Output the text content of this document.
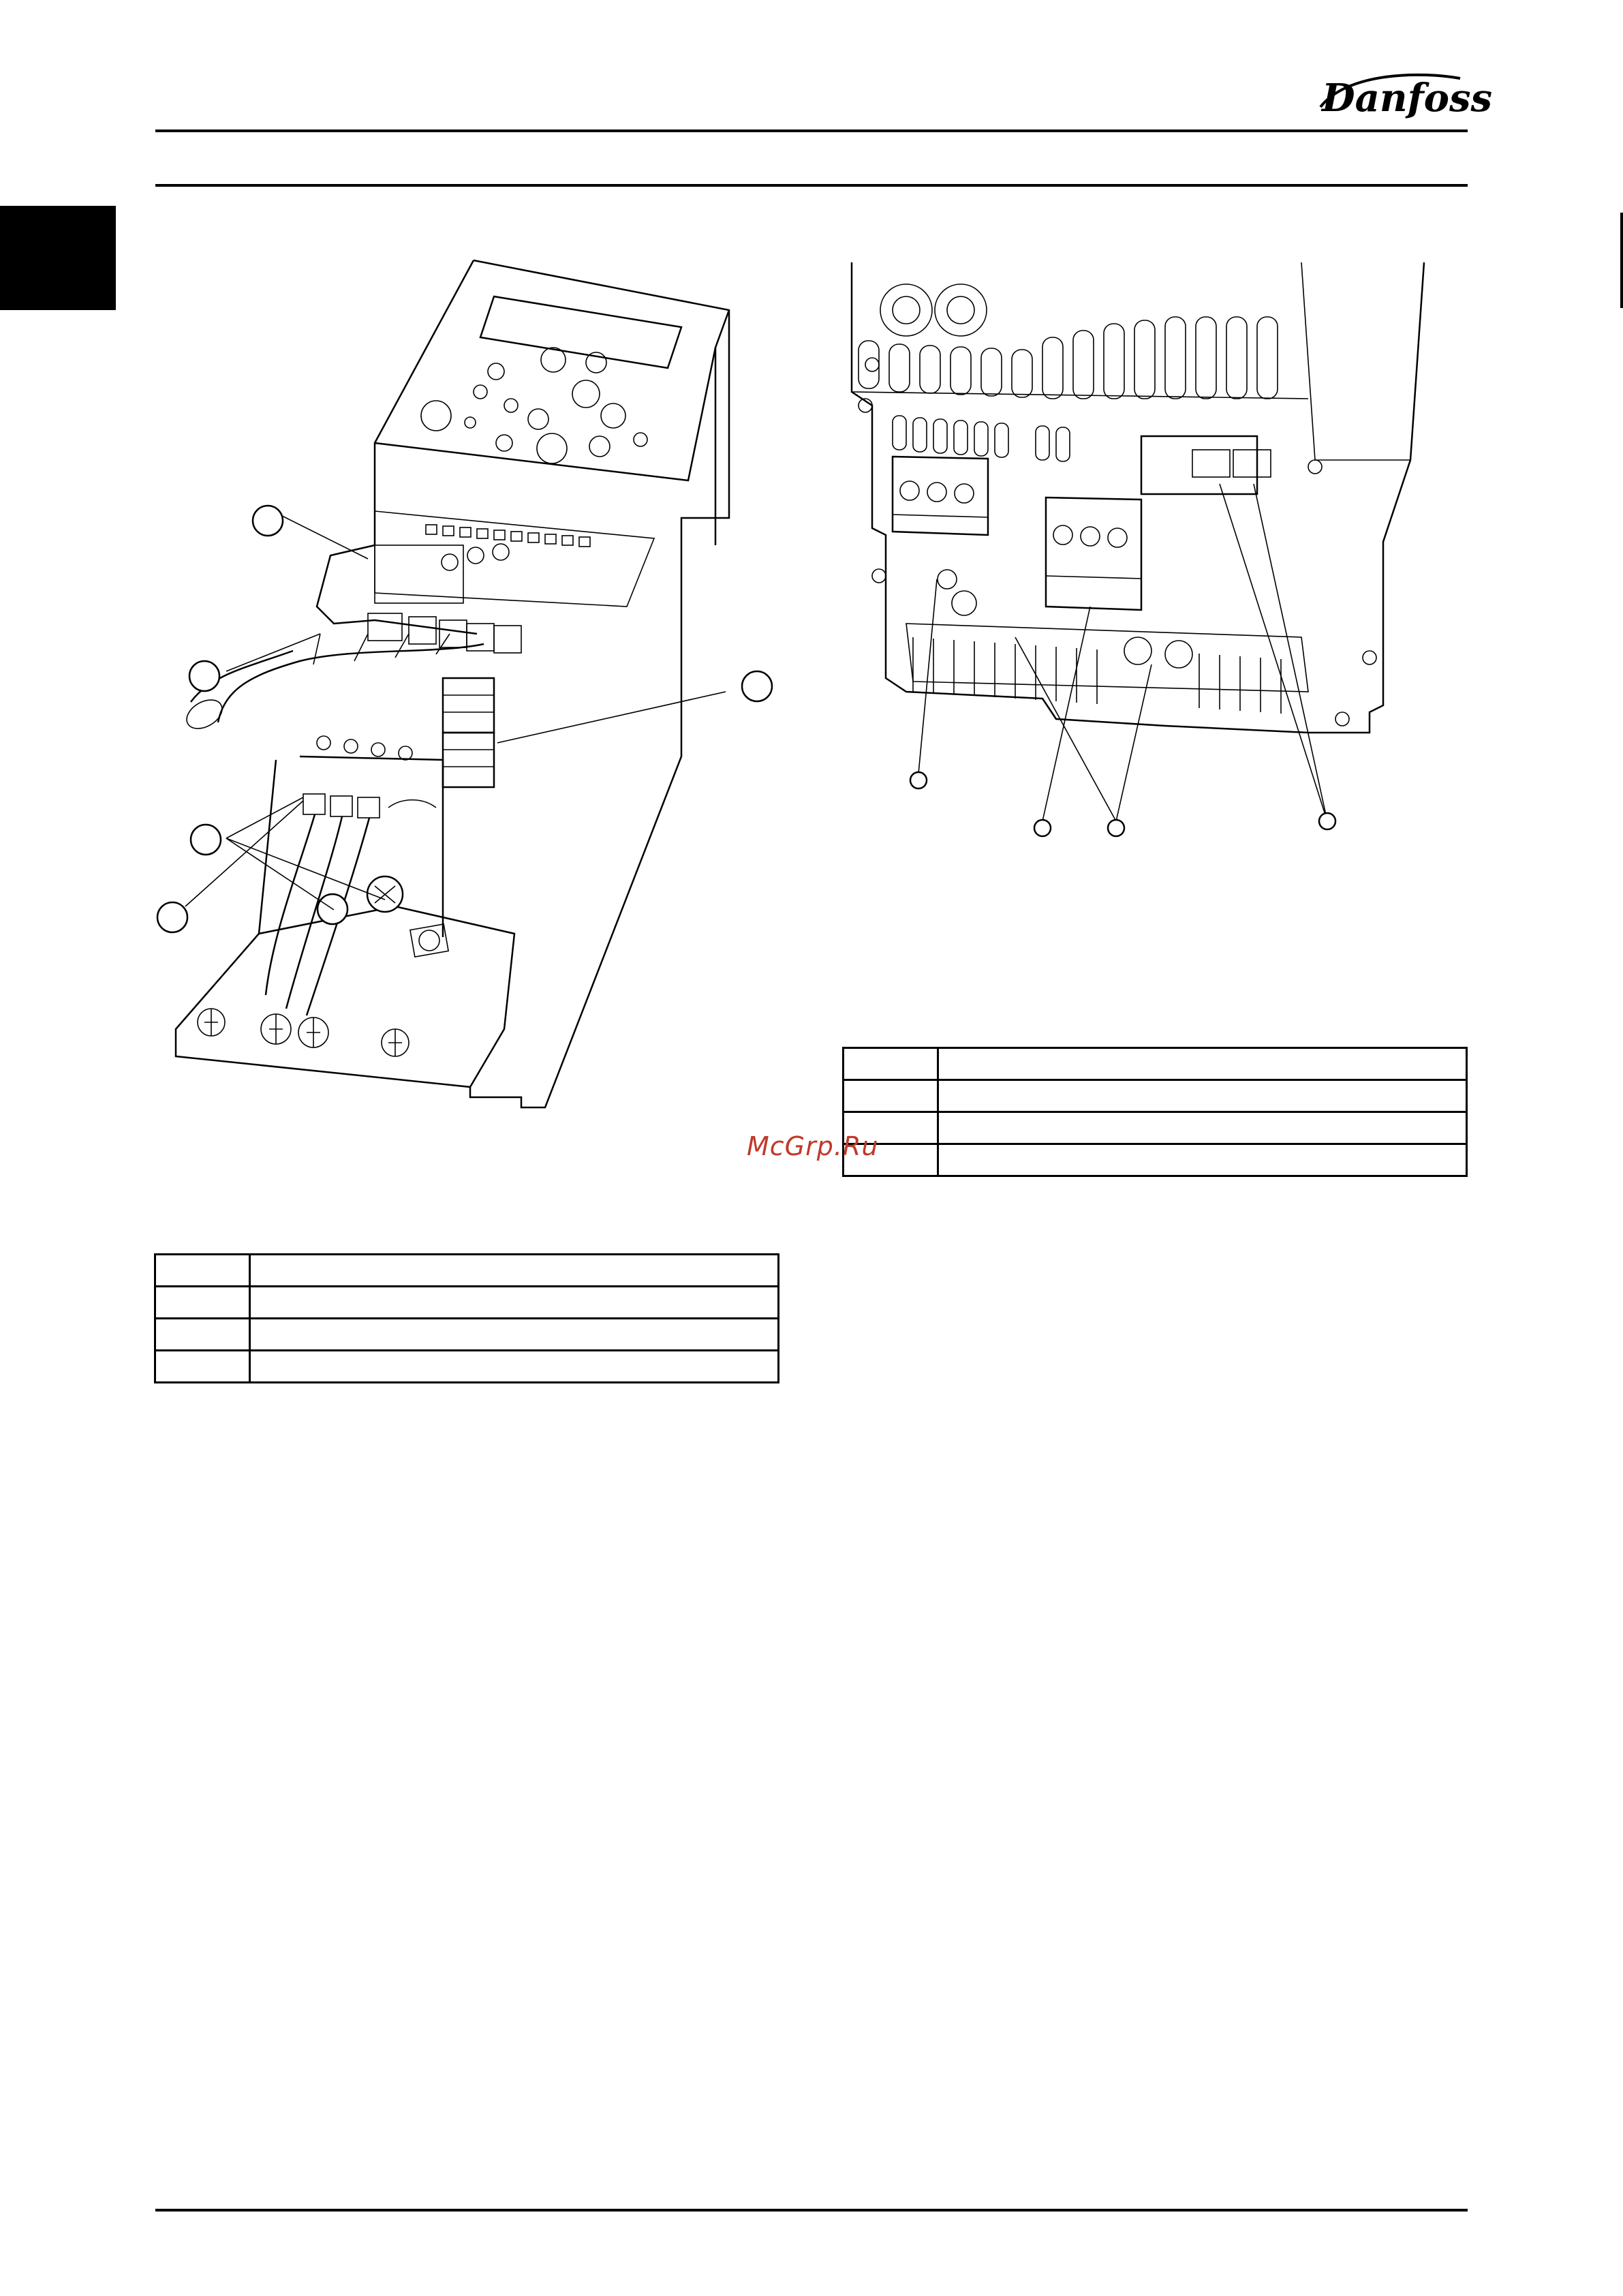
Danfoss

McGrp.Ru
